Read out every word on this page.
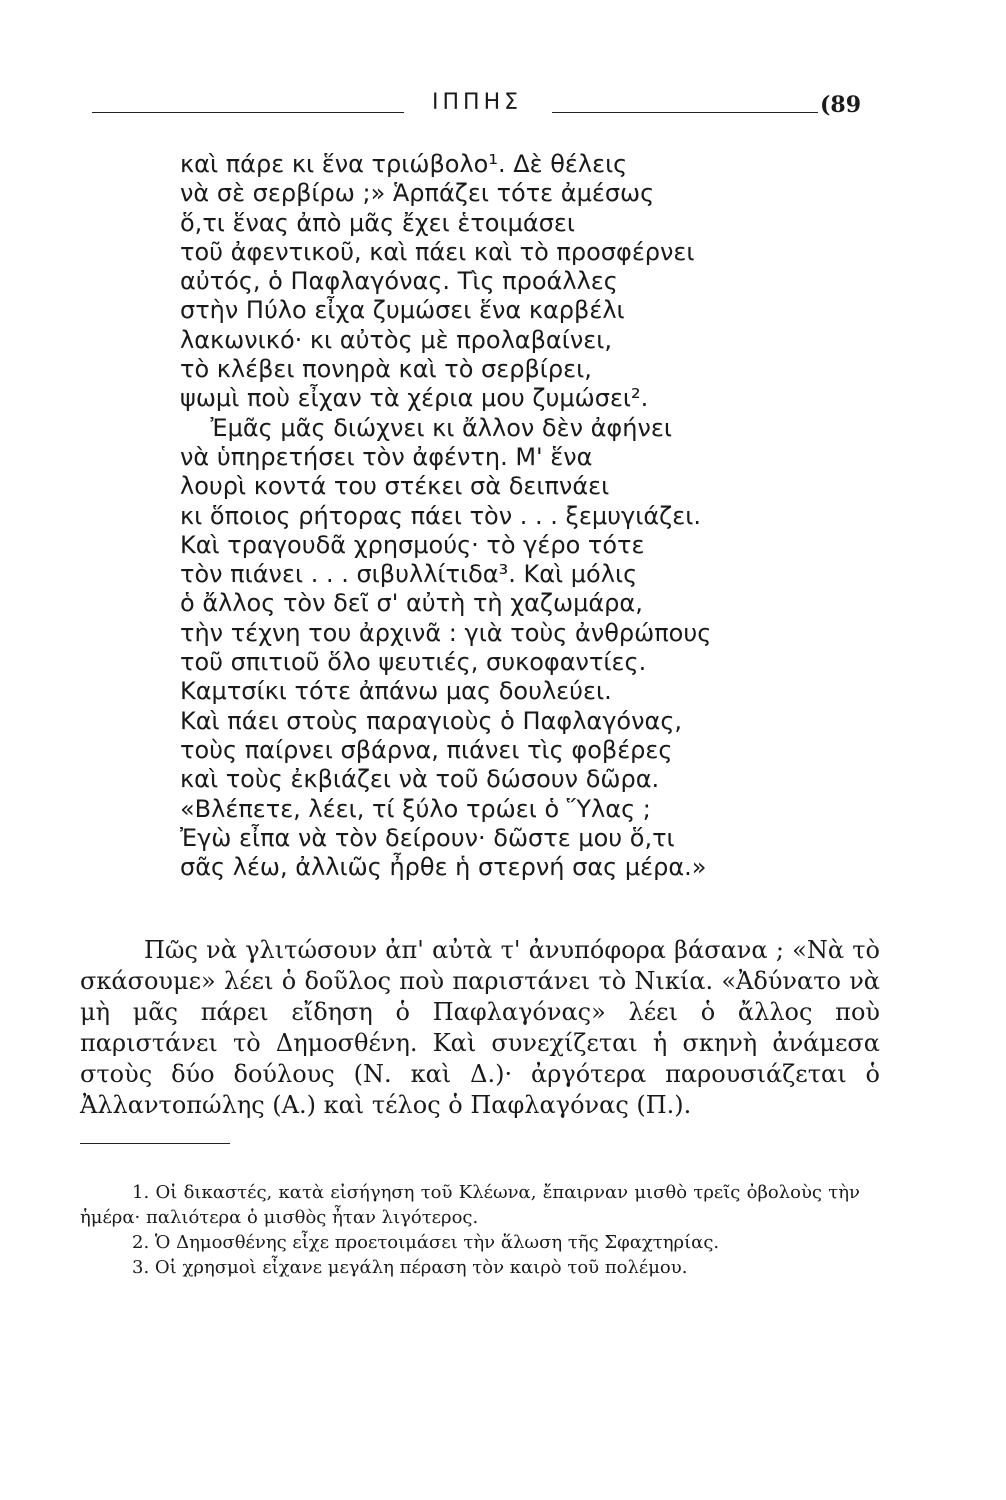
ΙΠΠΗΣ	(89
καὶ πάρε κι ἕνα τριώβολο¹. Δὲ θέλεις
νὰ σὲ σερβίρω ;» Ἁρπάζει τότε ἀμέσως
ὅ,τι ἕνας ἀπὸ μᾶς ἔχει ἑτοιμάσει
τοῦ ἀφεντικοῦ, καὶ πάει καὶ τὸ προσφέρνει
αὐτός, ὁ Παφλαγόνας. Τὶς προάλλες
στὴν Πύλο εἶχα ζυμώσει ἕνα καρβέλι
λακωνικό· κι αὐτὸς μὲ προλαβαίνει,
τὸ κλέβει πονηρὰ καὶ τὸ σερβίρει,
ψωμὶ ποὺ εἶχαν τὰ χέρια μου ζυμώσει².
Ἐμᾶς μᾶς διώχνει κι ἄλλον δὲν ἀφήνει
νὰ ὑπηρετήσει τὸν ἀφέντη. Μ' ἕνα
λουρὶ κοντά του στέκει σὰ δειπνάει
κι ὅποιος ρήτορας πάει τὸν . . . ξεμυγιάζει.
Καὶ τραγουδᾶ χρησμούς· τὸ γέρο τότε
τὸν πιάνει . . . σιβυλλίτιδα³. Καὶ μόλις
ὁ ἄλλος τὸν δεῖ σ' αὐτὴ τὴ χαζωμάρα,
τὴν τέχνη του ἀρχινᾶ : γιὰ τοὺς ἀνθρώπους
τοῦ σπιτιοῦ ὅλο ψευτιές, συκοφαντίες.
Καμτσίκι τότε ἀπάνω μας δουλεύει.
Καὶ πάει στοὺς παραγιοὺς ὁ Παφλαγόνας,
τοὺς παίρνει σβάρνα, πιάνει τὶς φοβέρες
καὶ τοὺς ἐκβιάζει νὰ τοῦ δώσουν δῶρα.
«Βλέπετε, λέει, τί ξύλο τρώει ὁ Ὕλας ;
Ἐγὼ εἶπα νὰ τὸν δείρουν· δῶστε μου ὅ,τι
σᾶς λέω, ἀλλιῶς ἦρθε ἡ στερνή σας μέρα.»

Πῶς νὰ γλιτώσουν ἀπ' αὐτὰ τ' ἀνυπόφορα βάσανα ; «Νὰ τὸ σκάσουμε» λέει ὁ δοῦλος ποὺ παριστάνει τὸ Νικία. «Ἀδύνατο νὰ μὴ μᾶς πάρει εἴδηση ὁ Παφλαγόνας» λέει ὁ ἄλλος ποὺ παριστάνει τὸ Δημοσθένη. Καὶ συνεχίζεται ἡ σκηνὴ ἀνάμεσα στοὺς δύο δούλους (Ν. καὶ Δ.)· ἀργότερα παρουσιάζεται ὁ Ἀλλαντοπώλης (Α.) καὶ τέλος ὁ Παφλαγόνας (Π.).

1. Οἱ δικαστές, κατὰ εἰσήγηση τοῦ Κλέωνα, ἔπαιρναν μισθὸ τρεῖς ὀβολοὺς τὴν ἡμέρα· παλιότερα ὁ μισθὸς ἦταν λιγότερος.
2. Ὁ Δημοσθένης εἶχε προετοιμάσει τὴν ἅλωση τῆς Σφαχτηρίας.
3. Οἱ χρησμοὶ εἶχανε μεγάλη πέραση τὸν καιρὸ τοῦ πολέμου.
